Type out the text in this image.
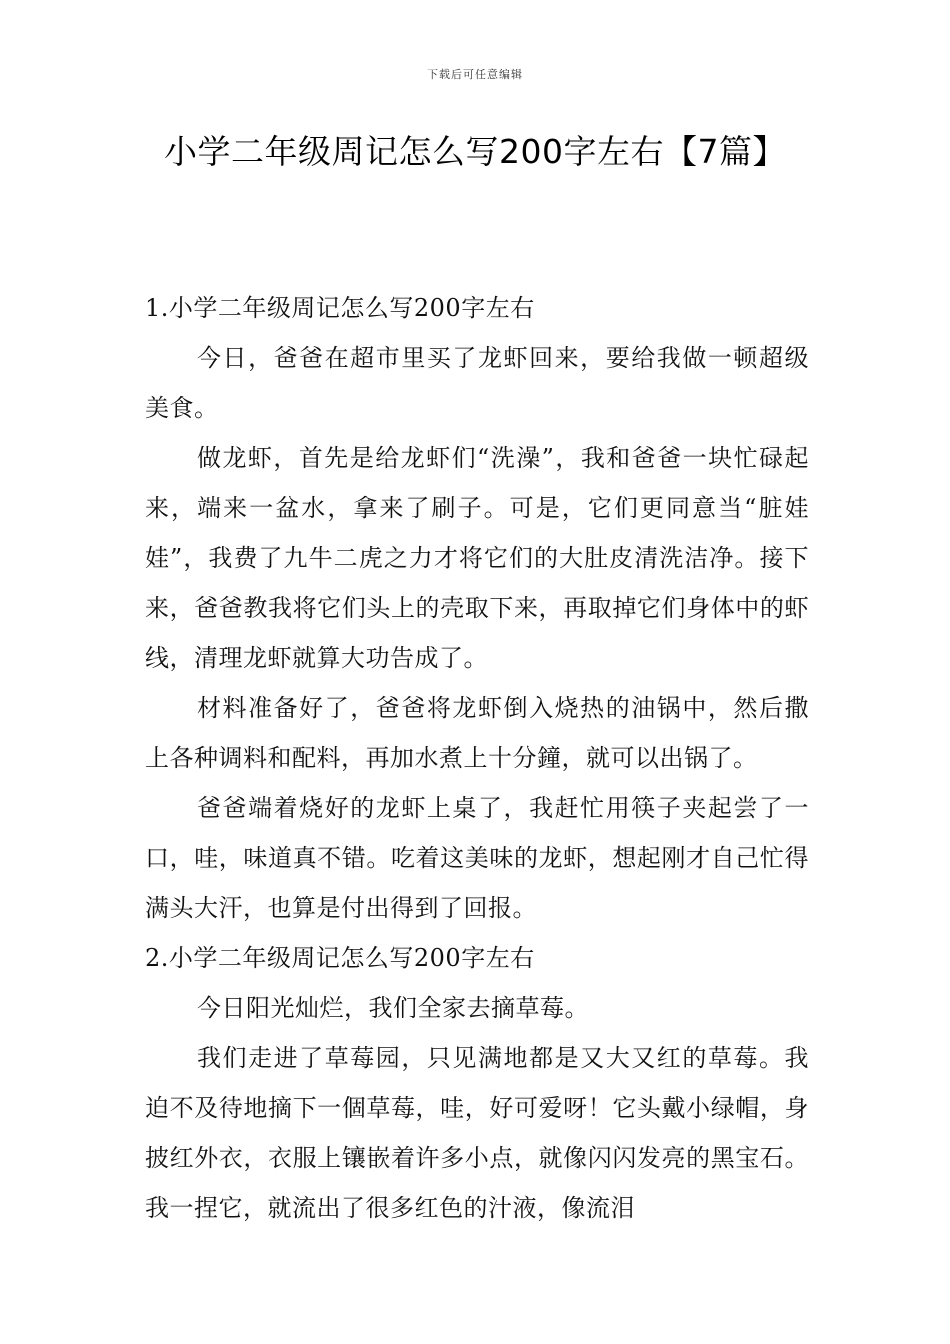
下载后可任意编辑
小学二年级周记怎么写200字左右【7篇】

1.小学二年级周记怎么写200字左右

今日，爸爸在超市里买了龙虾回来，要给我做一顿超级美食。

做龙虾，首先是给龙虾们“洗澡”，我和爸爸一块忙碌起来，端来一盆水，拿来了刷子。可是，它们更同意当“脏娃娃”，我费了九牛二虎之力才将它们的大肚皮清洗洁净。接下来，爸爸教我将它们头上的壳取下来，再取掉它们身体中的虾线，清理龙虾就算大功告成了。

材料准备好了，爸爸将龙虾倒入烧热的油锅中，然后撒上各种调料和配料，再加水煮上十分鐘，就可以出锅了。

爸爸端着烧好的龙虾上桌了，我赶忙用筷子夹起尝了一口，哇，味道真不错。吃着这美味的龙虾，想起刚才自己忙得满头大汗，也算是付出得到了回报。

2.小学二年级周记怎么写200字左右

今日阳光灿烂，我们全家去摘草莓。

我们走进了草莓园，只见满地都是又大又红的草莓。我迫不及待地摘下一個草莓，哇，好可爱呀！它头戴小绿帽，身披红外衣，衣服上镶嵌着许多小点，就像闪闪发亮的黑宝石。我一捏它，就流出了很多红色的汁液，像流泪
